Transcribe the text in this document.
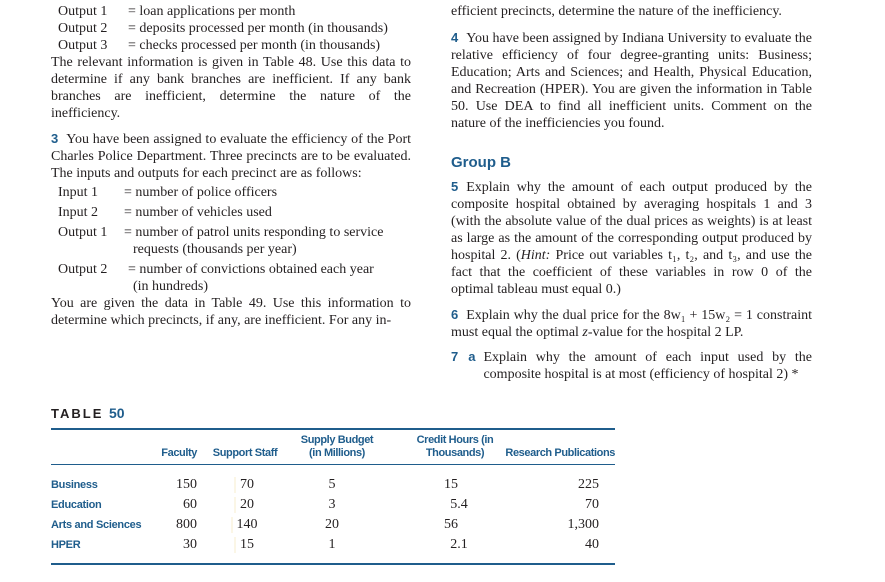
Output 1	= loan applications per month
Output 2	= deposits processed per month (in thousands)
Output 3	= checks processed per month (in thousands)

The relevant information is given in Table 48. Use this data to determine if any bank branches are inefficient. If any bank branches are inefficient, determine the nature of the inefficiency.

3 You have been assigned to evaluate the efficiency of the Port Charles Police Department. Three precincts are to be evaluated. The inputs and outputs for each precinct are as follows:

Input 1	= number of police officers
Input 2	= number of vehicles used
Output 1	= number of patrol units responding to service
requests (thousands per year)
Output 2	= number of convictions obtained each year
(in hundreds)

You are given the data in Table 49. Use this information to determine which precincts, if any, are inefficient. For any in-

efficient precincts, determine the nature of the inefficiency.

4 You have been assigned by Indiana University to evaluate the relative efficiency of four degree-granting units: Business; Education; Arts and Sciences; and Health, Physical Education, and Recreation (HPER). You are given the information in Table 50. Use DEA to find all inefficient units. Comment on the nature of the inefficiencies you found.

Group B

5 Explain why the amount of each output produced by the composite hospital obtained by averaging hospitals 1 and 3 (with the absolute value of the dual prices as weights) is at least as large as the amount of the corresponding output produced by hospital 2. (Hint: Price out variables t₁, t₂, and t₃, and use the fact that the coefficient of these variables in row 0 of the optimal tableau must equal 0.)

6 Explain why the dual price for the 8w₁ + 15w₂ = 1 constraint must equal the optimal z-value for the hospital 2 LP.

7 a Explain why the amount of each input used by the composite hospital is at most (efficiency of hospital 2) *

TABLE 50
	Faculty	Support Staff	Supply Budget (in Millions)	Credit Hours (in Thousands)	Research Publications
Business	150	70	5	15	225
Education	60	20	3	5.4	70
Arts and Sciences	800	140	20	56	1,300
HPER	30	15	1	2.1	40
